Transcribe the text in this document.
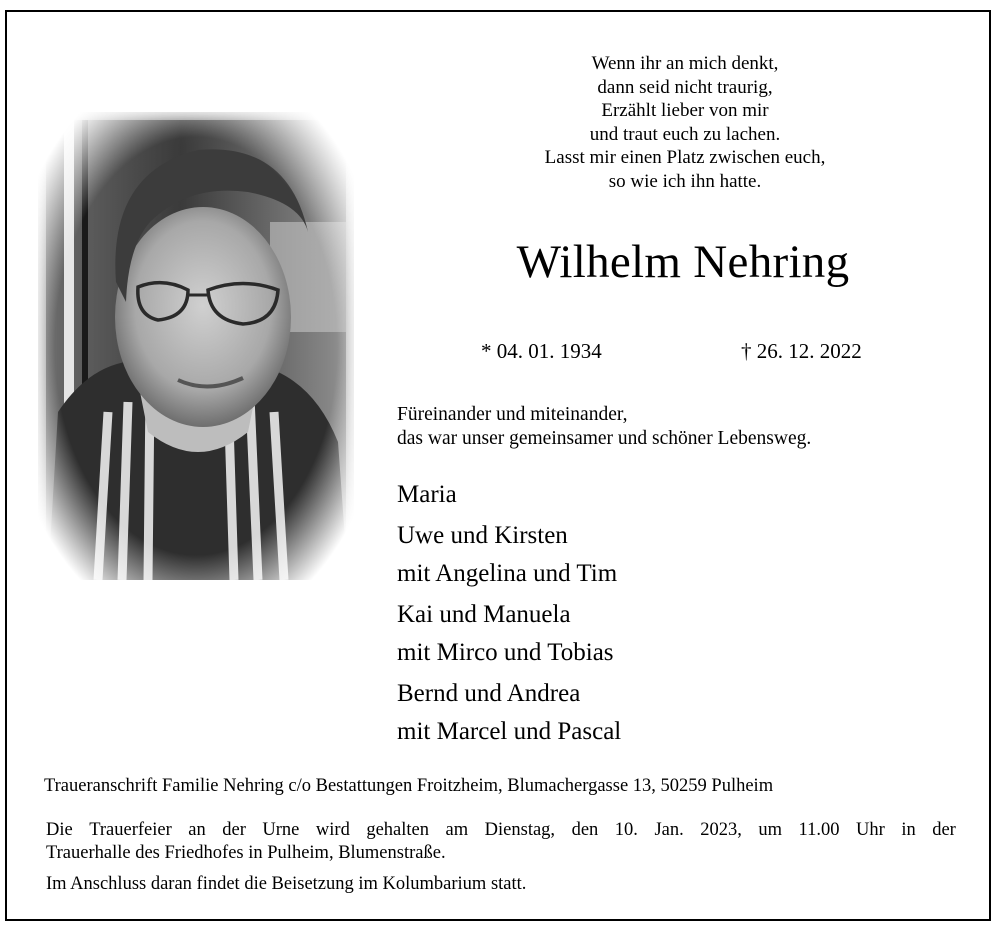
Wenn ihr an mich denkt,
dann seid nicht traurig,
Erzählt lieber von mir
und traut euch zu lachen.
Lasst mir einen Platz zwischen euch,
so wie ich ihn hatte.
Wilhelm Nehring
* 04. 01. 1934	† 26. 12. 2022
Füreinander und miteinander,
das war unser gemeinsamer und schöner Lebensweg.
Maria
Uwe und Kirsten
mit Angelina und Tim
Kai und Manuela
mit Mirco und Tobias
Bernd und Andrea
mit Marcel und Pascal
Traueranschrift Familie Nehring c/o Bestattungen Froitzheim, Blumachergasse 13, 50259 Pulheim
Die Trauerfeier an der Urne wird gehalten am Dienstag, den 10. Jan. 2023, um 11.00 Uhr in der
Trauerhalle des Friedhofes in Pulheim, Blumenstraße.
Im Anschluss daran findet die Beisetzung im Kolumbarium statt.
